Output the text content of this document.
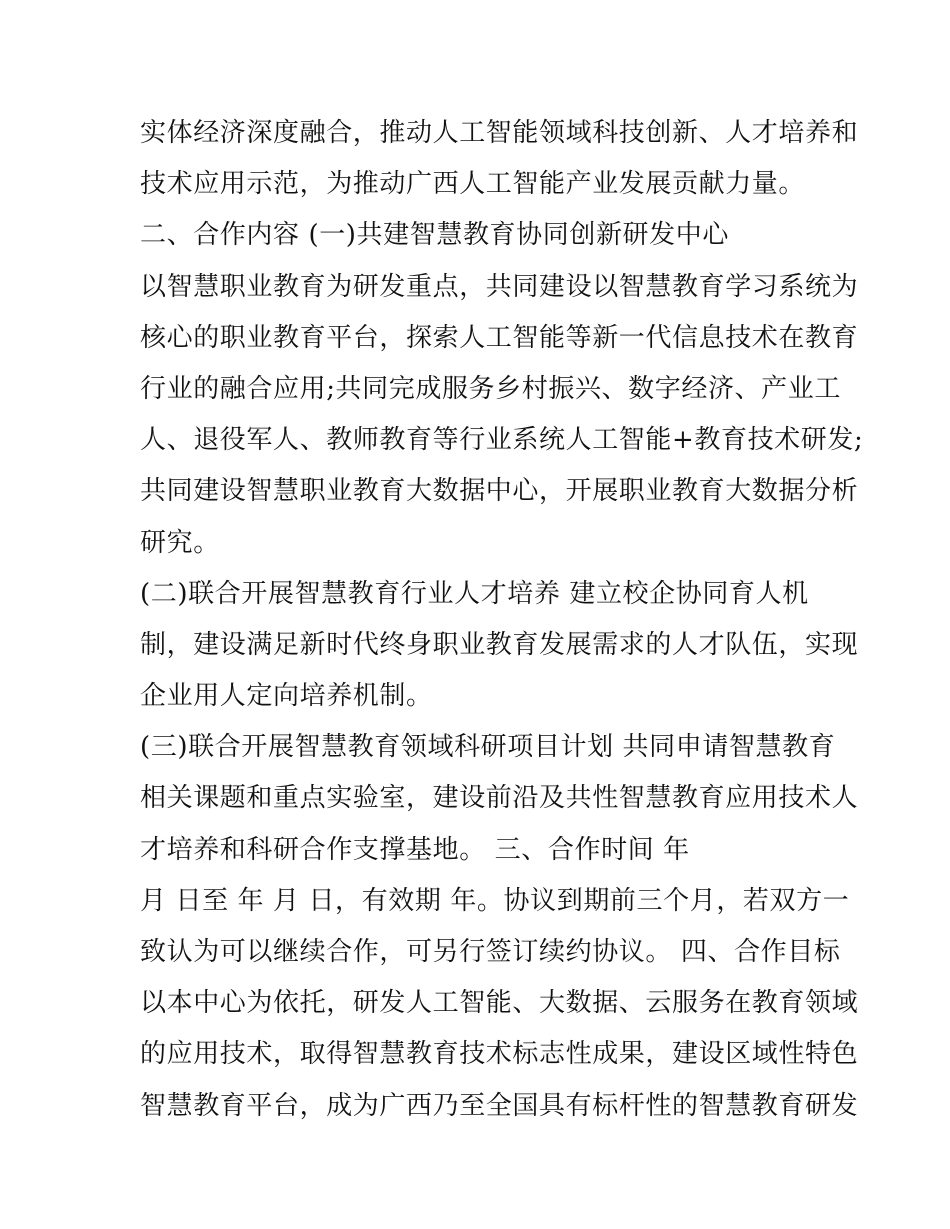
实体经济深度融合，推动人工智能领域科技创新、人才培养和
技术应用示范，为推动广西人工智能产业发展贡献力量。
二、合作内容 (一)共建智慧教育协同创新研发中心
以智慧职业教育为研发重点，共同建设以智慧教育学习系统为
核心的职业教育平台，探索人工智能等新一代信息技术在教育
行业的融合应用;共同完成服务乡村振兴、数字经济、产业工
人、退役军人、教师教育等行业系统人工智能+教育技术研发;
共同建设智慧职业教育大数据中心，开展职业教育大数据分析
研究。
(二)联合开展智慧教育行业人才培养 建立校企协同育人机
制，建设满足新时代终身职业教育发展需求的人才队伍，实现
企业用人定向培养机制。
(三)联合开展智慧教育领域科研项目计划 共同申请智慧教育
相关课题和重点实验室，建设前沿及共性智慧教育应用技术人
才培养和科研合作支撑基地。 三、合作时间 年
月 日至 年 月 日，有效期 年。协议到期前三个月，若双方一
致认为可以继续合作，可另行签订续约协议。 四、合作目标
以本中心为依托，研发人工智能、大数据、云服务在教育领域
的应用技术，取得智慧教育技术标志性成果，建设区域性特色
智慧教育平台，成为广西乃至全国具有标杆性的智慧教育研发
